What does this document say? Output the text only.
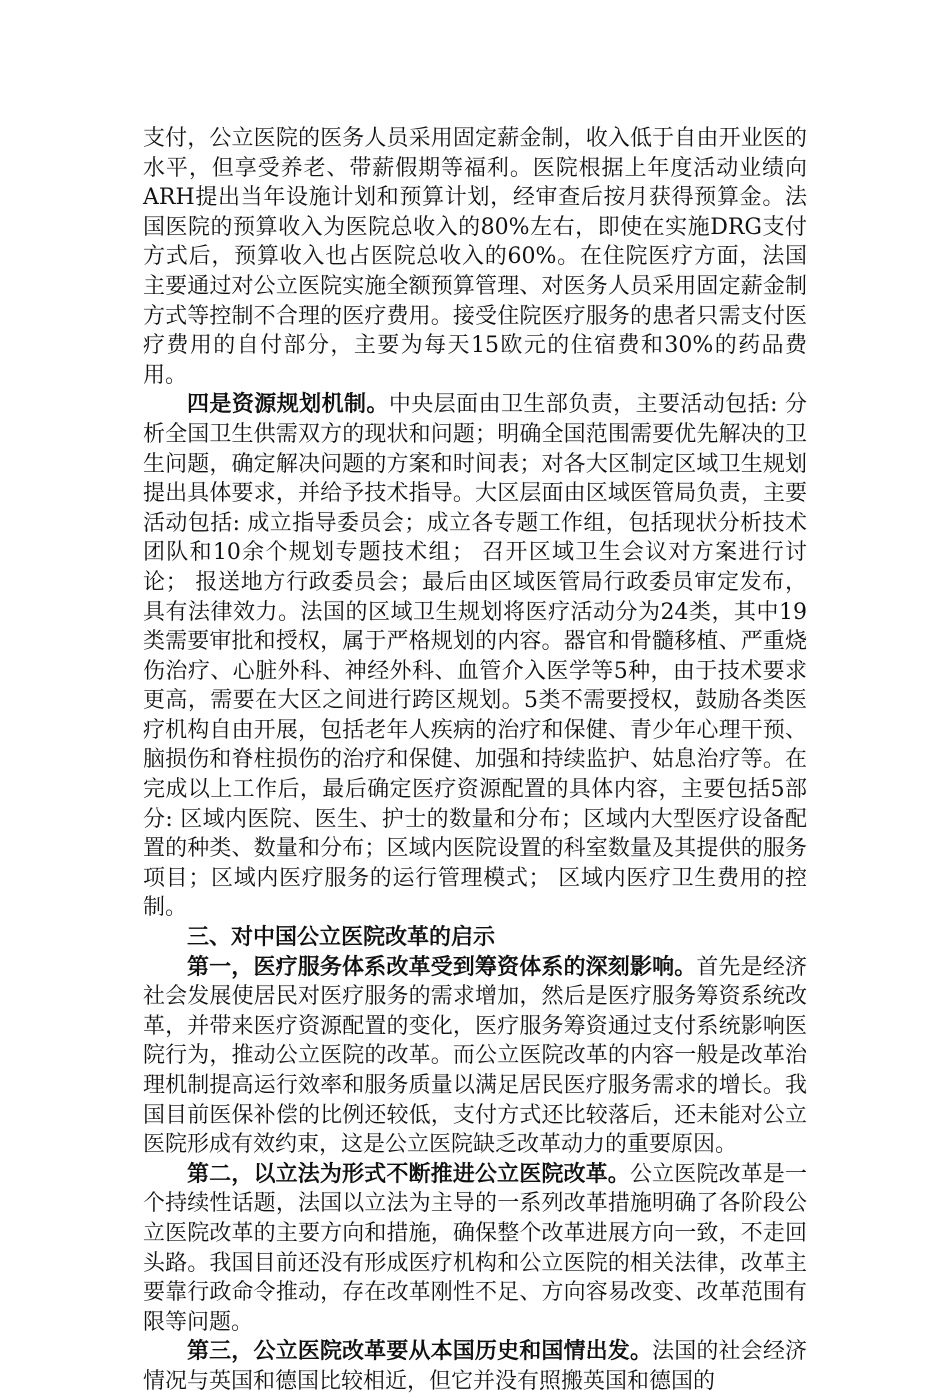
支付，公立医院的医务人员采用固定薪金制，收入低于自由开业医的水平，但享受养老、带薪假期等福利。医院根据上年度活动业绩向ARH提出当年设施计划和预算计划，经审查后按月获得预算金。法国医院的预算收入为医院总收入的80%左右，即使在实施DRG支付方式后，预算收入也占医院总收入的60%。在住院医疗方面，法国主要通过对公立医院实施全额预算管理、对医务人员采用固定薪金制方式等控制不合理的医疗费用。接受住院医疗服务的患者只需支付医疗费用的自付部分，主要为每天15欧元的住宿费和30%的药品费用。

四是资源规划机制。中央层面由卫生部负责，主要活动包括: 分析全国卫生供需双方的现状和问题；明确全国范围需要优先解决的卫生问题，确定解决问题的方案和时间表；对各大区制定区域卫生规划提出具体要求，并给予技术指导。大区层面由区域医管局负责，主要活动包括: 成立指导委员会；成立各专题工作组，包括现状分析技术团队和10余个规划专题技术组； 召开区域卫生会议对方案进行讨论； 报送地方行政委员会；最后由区域医管局行政委员审定发布，具有法律效力。法国的区域卫生规划将医疗活动分为24类，其中19类需要审批和授权，属于严格规划的内容。器官和骨髓移植、严重烧伤治疗、心脏外科、神经外科、血管介入医学等5种，由于技术要求更高，需要在大区之间进行跨区规划。5类不需要授权，鼓励各类医疗机构自由开展，包括老年人疾病的治疗和保健、青少年心理干预、脑损伤和脊柱损伤的治疗和保健、加强和持续监护、姑息治疗等。在完成以上工作后，最后确定医疗资源配置的具体内容，主要包括5部分: 区域内医院、医生、护士的数量和分布；区域内大型医疗设备配置的种类、数量和分布；区域内医院设置的科室数量及其提供的服务项目；区域内医疗服务的运行管理模式； 区域内医疗卫生费用的控制。

三、对中国公立医院改革的启示

第一，医疗服务体系改革受到筹资体系的深刻影响。首先是经济社会发展使居民对医疗服务的需求增加，然后是医疗服务筹资系统改革，并带来医疗资源配置的变化，医疗服务筹资通过支付系统影响医院行为，推动公立医院的改革。而公立医院改革的内容一般是改革治理机制提高运行效率和服务质量以满足居民医疗服务需求的增长。我国目前医保补偿的比例还较低，支付方式还比较落后，还未能对公立医院形成有效约束，这是公立医院缺乏改革动力的重要原因。

第二，以立法为形式不断推进公立医院改革。公立医院改革是一个持续性话题，法国以立法为主导的一系列改革措施明确了各阶段公立医院改革的主要方向和措施，确保整个改革进展方向一致，不走回头路。我国目前还没有形成医疗机构和公立医院的相关法律，改革主要靠行政命令推动，存在改革刚性不足、方向容易改变、改革范围有限等问题。

第三，公立医院改革要从本国历史和国情出发。法国的社会经济情况与英国和德国比较相近，但它并没有照搬英国和德国的
